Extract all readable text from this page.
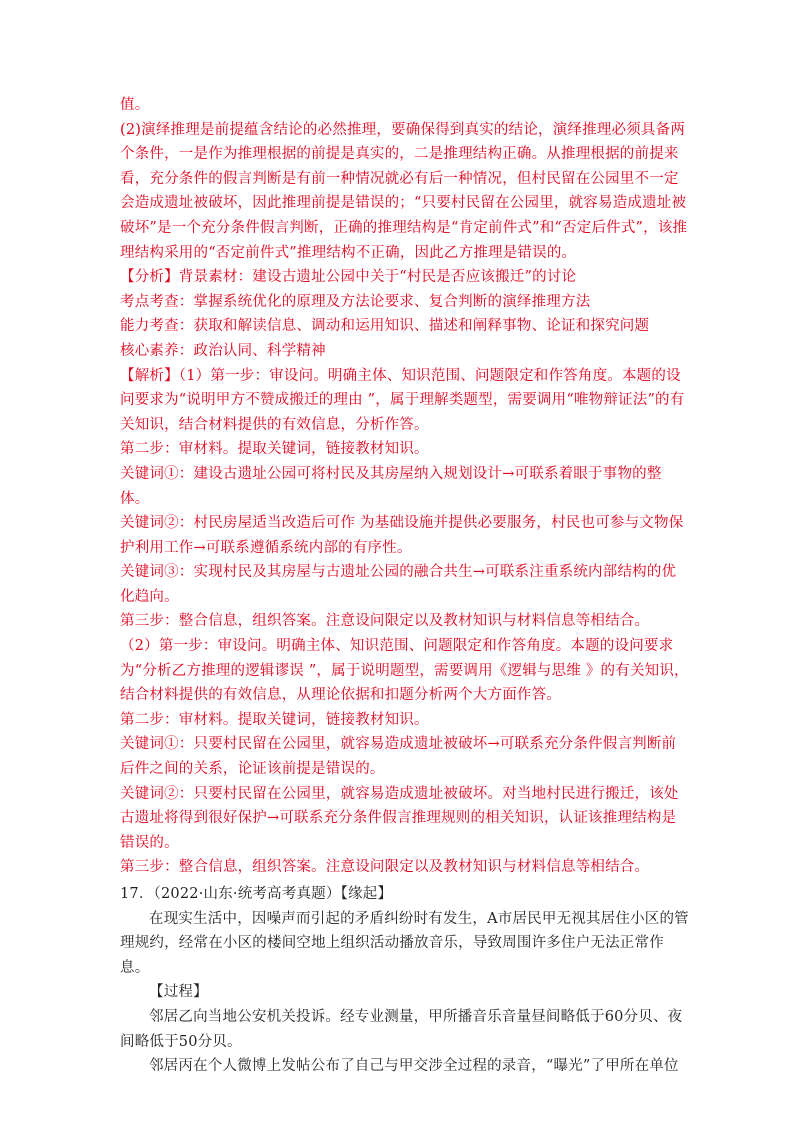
值。

(2)演绎推理是前提蕴含结论的必然推理，要确保得到真实的结论，演绎推理必须具备两个条件，一是作为推理根据的前提是真实的，二是推理结构正确。从推理根据的前提来看，充分条件的假言判断是有前一种情况就必有后一种情况，但村民留在公园里不一定会造成遗址被破坏，因此推理前提是错误的；“只要村民留在公园里，就容易造成遗址被破坏”是一个充分条件假言判断，正确的推理结构是“肯定前件式”和“否定后件式”，该推理结构采用的“否定前件式”推理结构不正确，因此乙方推理是错误的。

【分析】背景素材：建设古遗址公园中关于“村民是否应该搬迁”的讨论

考点考查：掌握系统优化的原理及方法论要求、复合判断的演绎推理方法

能力考查：获取和解读信息、调动和运用知识、描述和阐释事物、论证和探究问题

核心素养：政治认同、科学精神

【解析】（1）第一步：审设问。明确主体、知识范围、问题限定和作答角度。本题的设问要求为“说明甲方不赞成搬迁的理由 ”，属于理解类题型，需要调用“唯物辩证法”的有关知识，结合材料提供的有效信息，分析作答。

第二步：审材料。提取关键词，链接教材知识。

关键词①：建设古遗址公园可将村民及其房屋纳入规划设计→可联系着眼于事物的整体。

关键词②：村民房屋适当改造后可作 为基础设施并提供必要服务，村民也可参与文物保护利用工作→可联系遵循系统内部的有序性。

关键词③：实现村民及其房屋与古遗址公园的融合共生→可联系注重系统内部结构的优化趋向。

第三步：整合信息，组织答案。注意设问限定以及教材知识与材料信息等相结合。

（2）第一步：审设问。明确主体、知识范围、问题限定和作答角度。本题的设问要求为“分析乙方推理的逻辑谬误 ”，属于说明题型，需要调用《逻辑与思维 》的有关知识，结合材料提供的有效信息，从理论依据和扣题分析两个大方面作答。

第二步：审材料。提取关键词，链接教材知识。

关键词①：只要村民留在公园里，就容易造成遗址被破坏→可联系充分条件假言判断前后件之间的关系，论证该前提是错误的。

关键词②：只要村民留在公园里，就容易造成遗址被破坏。对当地村民进行搬迁，该处古遗址将得到很好保护→可联系充分条件假言推理规则的相关知识，认证该推理结构是错误的。

第三步：整合信息，组织答案。注意设问限定以及教材知识与材料信息等相结合。

17．（2022·山东·统考高考真题）【缘起】

在现实生活中，因噪声而引起的矛盾纠纷时有发生，A市居民甲无视其居住小区的管理规约，经常在小区的楼间空地上组织活动播放音乐，导致周围许多住户无法正常作息。

【过程】

邻居乙向当地公安机关投诉。经专业测量，甲所播音乐音量昼间略低于60分贝、夜间略低于50分贝。

邻居丙在个人微博上发帖公布了自己与甲交涉全过程的录音，“曝光”了甲所在单位
